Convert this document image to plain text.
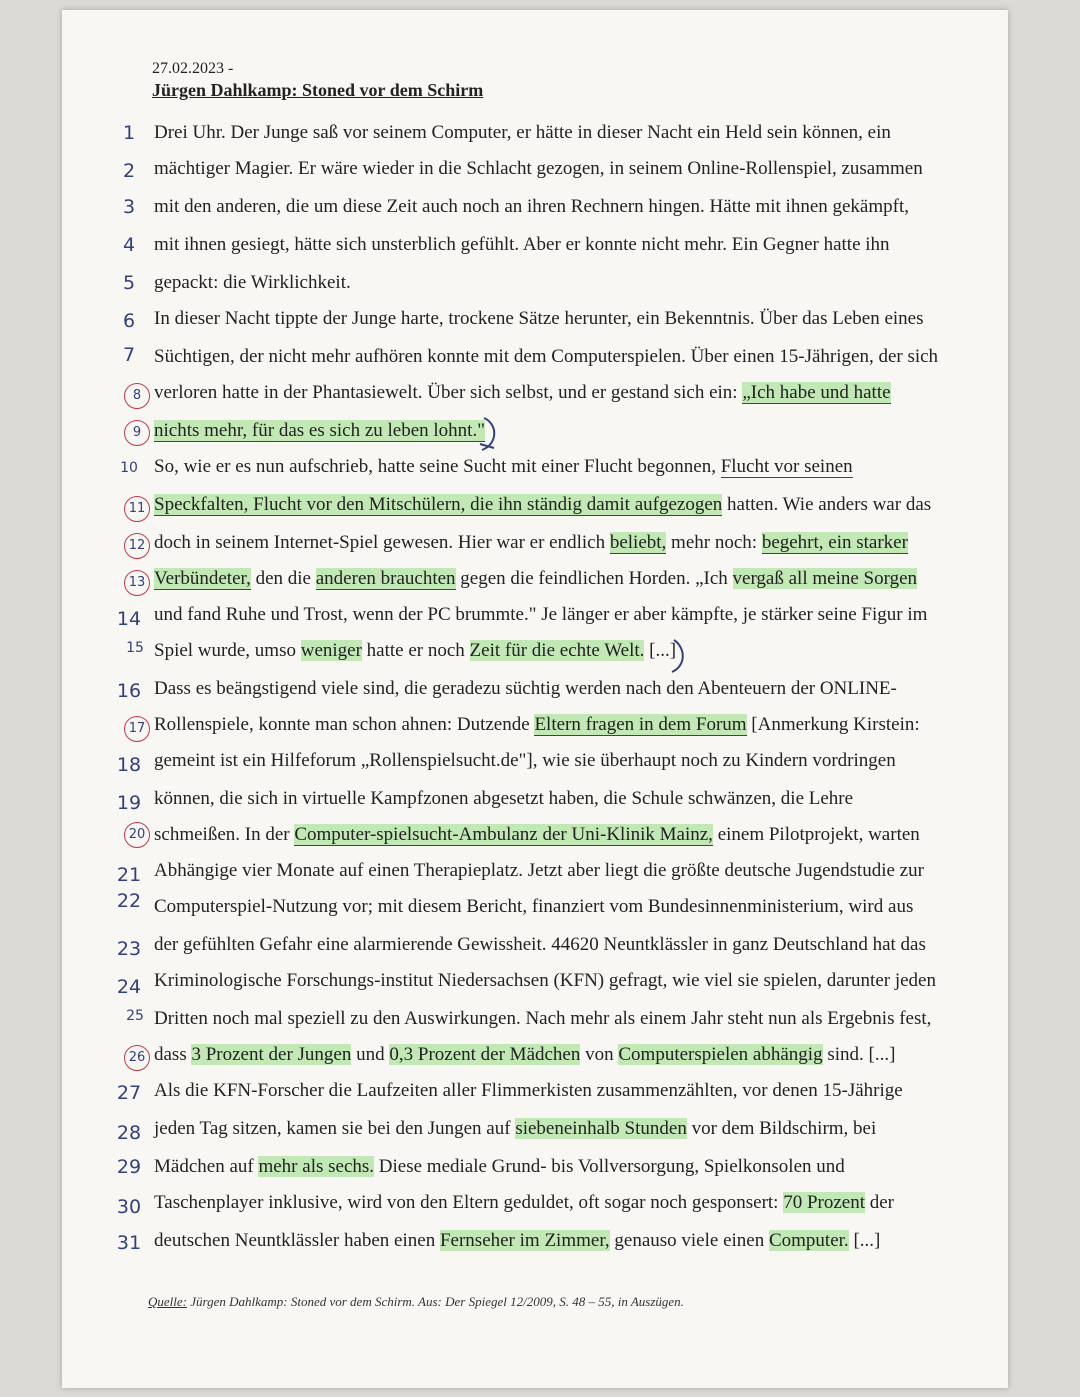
27.02.2023 -
Jürgen Dahlkamp: Stoned vor dem Schirm
1
2
3
4
5
6
7
8
9
10
11
12
13
14
15
16
17
18
19
20
21
22
23
24
25
26
27
28
29
30
31
Drei Uhr. Der Junge saß vor seinem Computer, er hätte in dieser Nacht ein Held sein können, ein
mächtiger Magier. Er wäre wieder in die Schlacht gezogen, in seinem Online-Rollenspiel, zusammen
mit den anderen, die um diese Zeit auch noch an ihren Rechnern hingen. Hätte mit ihnen gekämpft,
mit ihnen gesiegt, hätte sich unsterblich gefühlt. Aber er konnte nicht mehr. Ein Gegner hatte ihn
gepackt: die Wirklichkeit.
In dieser Nacht tippte der Junge harte, trockene Sätze herunter, ein Bekenntnis. Über das Leben eines
Süchtigen, der nicht mehr aufhören konnte mit dem Computerspielen. Über einen 15-Jährigen, der sich
verloren hatte in der Phantasiewelt. Über sich selbst, und er gestand sich ein: „Ich habe und hatte
nichts mehr, für das es sich zu leben lohnt."
So, wie er es nun aufschrieb, hatte seine Sucht mit einer Flucht begonnen, Flucht vor seinen
Speckfalten, Flucht vor den Mitschülern, die ihn ständig damit aufgezogen hatten. Wie anders war das
doch in seinem Internet-Spiel gewesen. Hier war er endlich beliebt, mehr noch: begehrt, ein starker
Verbündeter, den die anderen brauchten gegen die feindlichen Horden. „Ich vergaß all meine Sorgen
und fand Ruhe und Trost, wenn der PC brummte." Je länger er aber kämpfte, je stärker seine Figur im
Spiel wurde, umso weniger hatte er noch Zeit für die echte Welt. [...]
Dass es beängstigend viele sind, die geradezu süchtig werden nach den Abenteuern der ONLINE-
Rollenspiele, konnte man schon ahnen: Dutzende Eltern fragen in dem Forum [Anmerkung Kirstein:
gemeint ist ein Hilfeforum „Rollenspielsucht.de"], wie sie überhaupt noch zu Kindern vordringen
können, die sich in virtuelle Kampfzonen abgesetzt haben, die Schule schwänzen, die Lehre
schmeißen. In der Computer-spielsucht-Ambulanz der Uni-Klinik Mainz, einem Pilotprojekt, warten
Abhängige vier Monate auf einen Therapieplatz. Jetzt aber liegt die größte deutsche Jugendstudie zur
Computerspiel-Nutzung vor; mit diesem Bericht, finanziert vom Bundesinnenministerium, wird aus
der gefühlten Gefahr eine alarmierende Gewissheit. 44620 Neuntklässler in ganz Deutschland hat das
Kriminologische Forschungs-institut Niedersachsen (KFN) gefragt, wie viel sie spielen, darunter jeden
Dritten noch mal speziell zu den Auswirkungen. Nach mehr als einem Jahr steht nun als Ergebnis fest,
dass 3 Prozent der Jungen und 0,3 Prozent der Mädchen von Computerspielen abhängig sind. [...]
Als die KFN-Forscher die Laufzeiten aller Flimmerkisten zusammenzählten, vor denen 15-Jährige
jeden Tag sitzen, kamen sie bei den Jungen auf siebeneinhalb Stunden vor dem Bildschirm, bei
Mädchen auf mehr als sechs. Diese mediale Grund- bis Vollversorgung, Spielkonsolen und
Taschenplayer inklusive, wird von den Eltern geduldet, oft sogar noch gesponsert: 70 Prozent der
deutschen Neuntklässler haben einen Fernseher im Zimmer, genauso viele einen Computer. [...]
Quelle: Jürgen Dahlkamp: Stoned vor dem Schirm. Aus: Der Spiegel 12/2009, S. 48 – 55, in Auszügen.
